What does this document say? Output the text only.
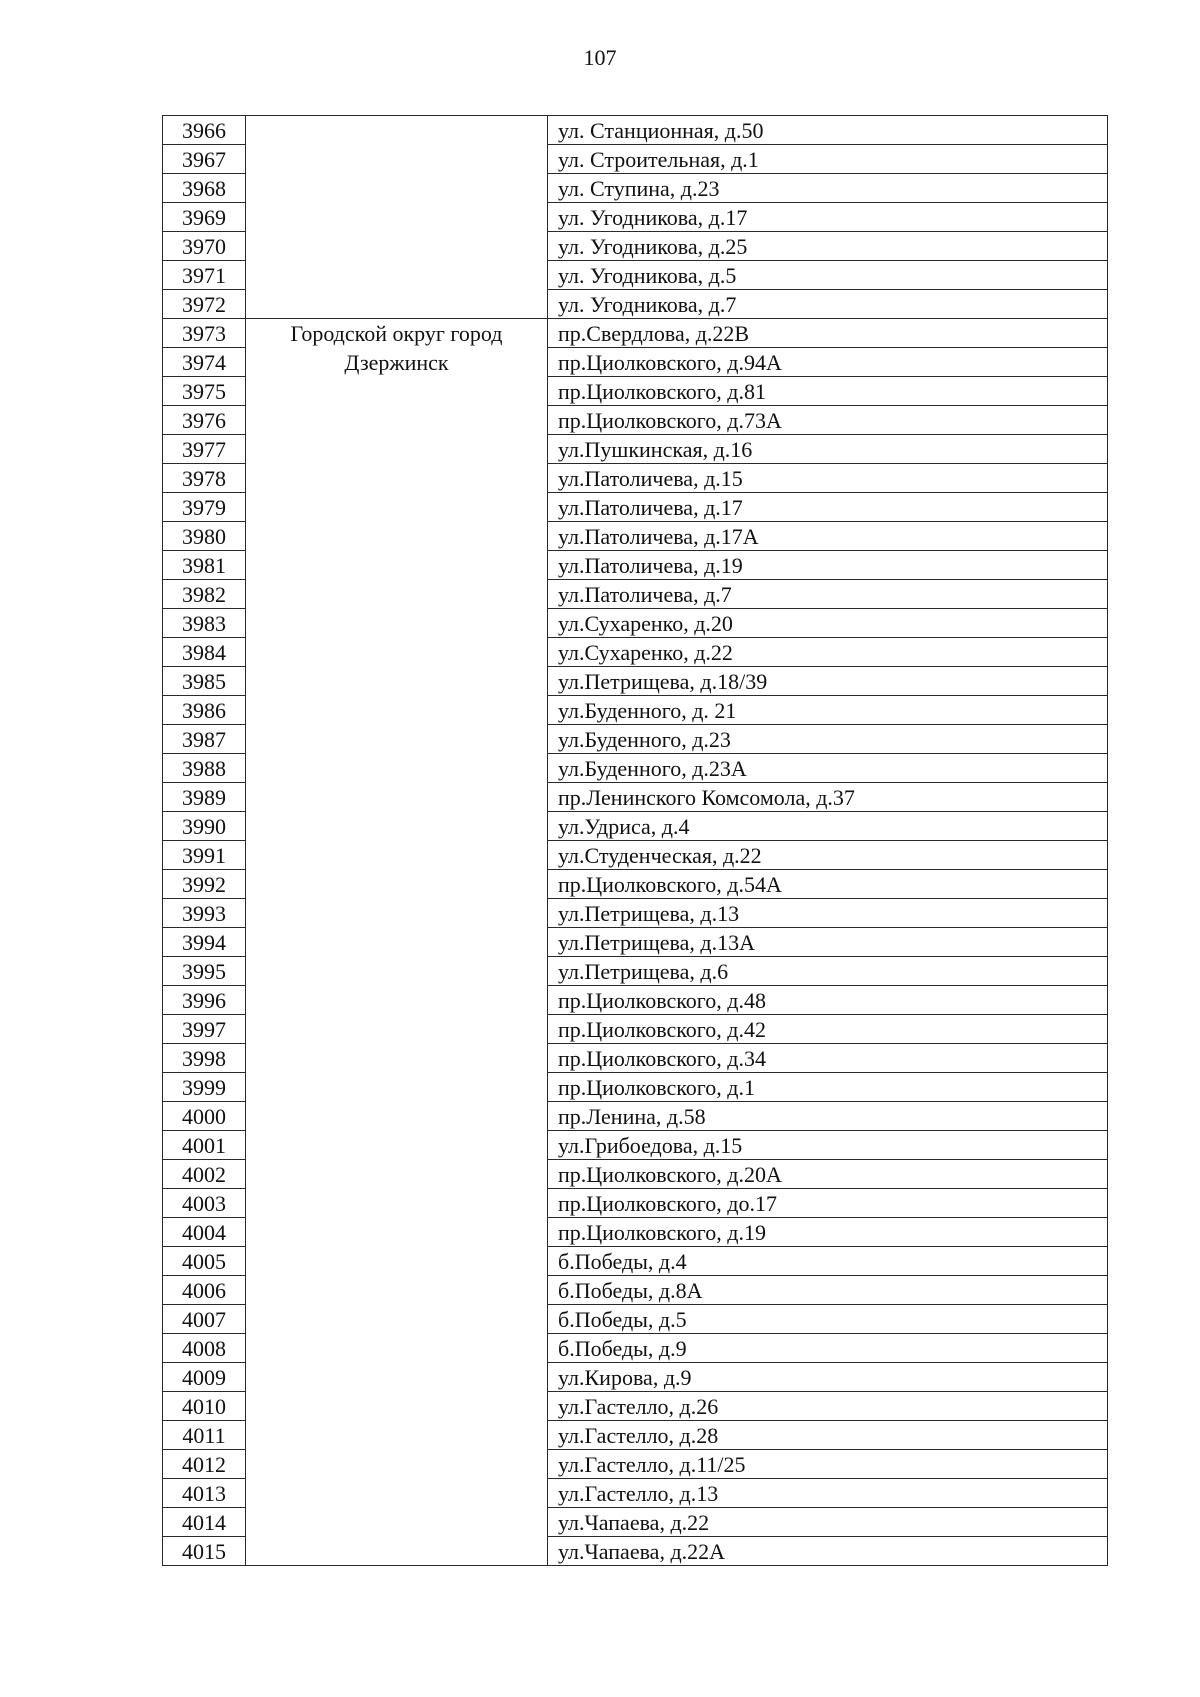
107
3966		ул. Станционная, д.50
3967		ул. Строительная, д.1
3968		ул. Ступина, д.23
3969		ул. Угодникова, д.17
3970		ул. Угодникова, д.25
3971		ул. Угодникова, д.5
3972		ул. Угодникова, д.7
3973	Городской округ город Дзержинск	пр.Свердлова, д.22В
3974		пр.Циолковского, д.94А
3975		пр.Циолковского, д.81
3976		пр.Циолковского, д.73А
3977		ул.Пушкинская, д.16
3978		ул.Патоличева, д.15
3979		ул.Патоличева, д.17
3980		ул.Патоличева, д.17А
3981		ул.Патоличева, д.19
3982		ул.Патоличева, д.7
3983		ул.Сухаренко, д.20
3984		ул.Сухаренко, д.22
3985		ул.Петрищева, д.18/39
3986		ул.Буденного, д. 21
3987		ул.Буденного, д.23
3988		ул.Буденного, д.23А
3989		пр.Ленинского Комсомола, д.37
3990		ул.Удриса, д.4
3991		ул.Студенческая, д.22
3992		пр.Циолковского, д.54А
3993		ул.Петрищева, д.13
3994		ул.Петрищева, д.13А
3995		ул.Петрищева, д.6
3996		пр.Циолковского, д.48
3997		пр.Циолковского, д.42
3998		пр.Циолковского, д.34
3999		пр.Циолковского, д.1
4000		пр.Ленина, д.58
4001		ул.Грибоедова, д.15
4002		пр.Циолковского, д.20А
4003		пр.Циолковского, до.17
4004		пр.Циолковского, д.19
4005		б.Победы, д.4
4006		б.Победы, д.8А
4007		б.Победы, д.5
4008		б.Победы, д.9
4009		ул.Кирова, д.9
4010		ул.Гастелло, д.26
4011		ул.Гастелло, д.28
4012		ул.Гастелло, д.11/25
4013		ул.Гастелло, д.13
4014		ул.Чапаева, д.22
4015		ул.Чапаева, д.22А
